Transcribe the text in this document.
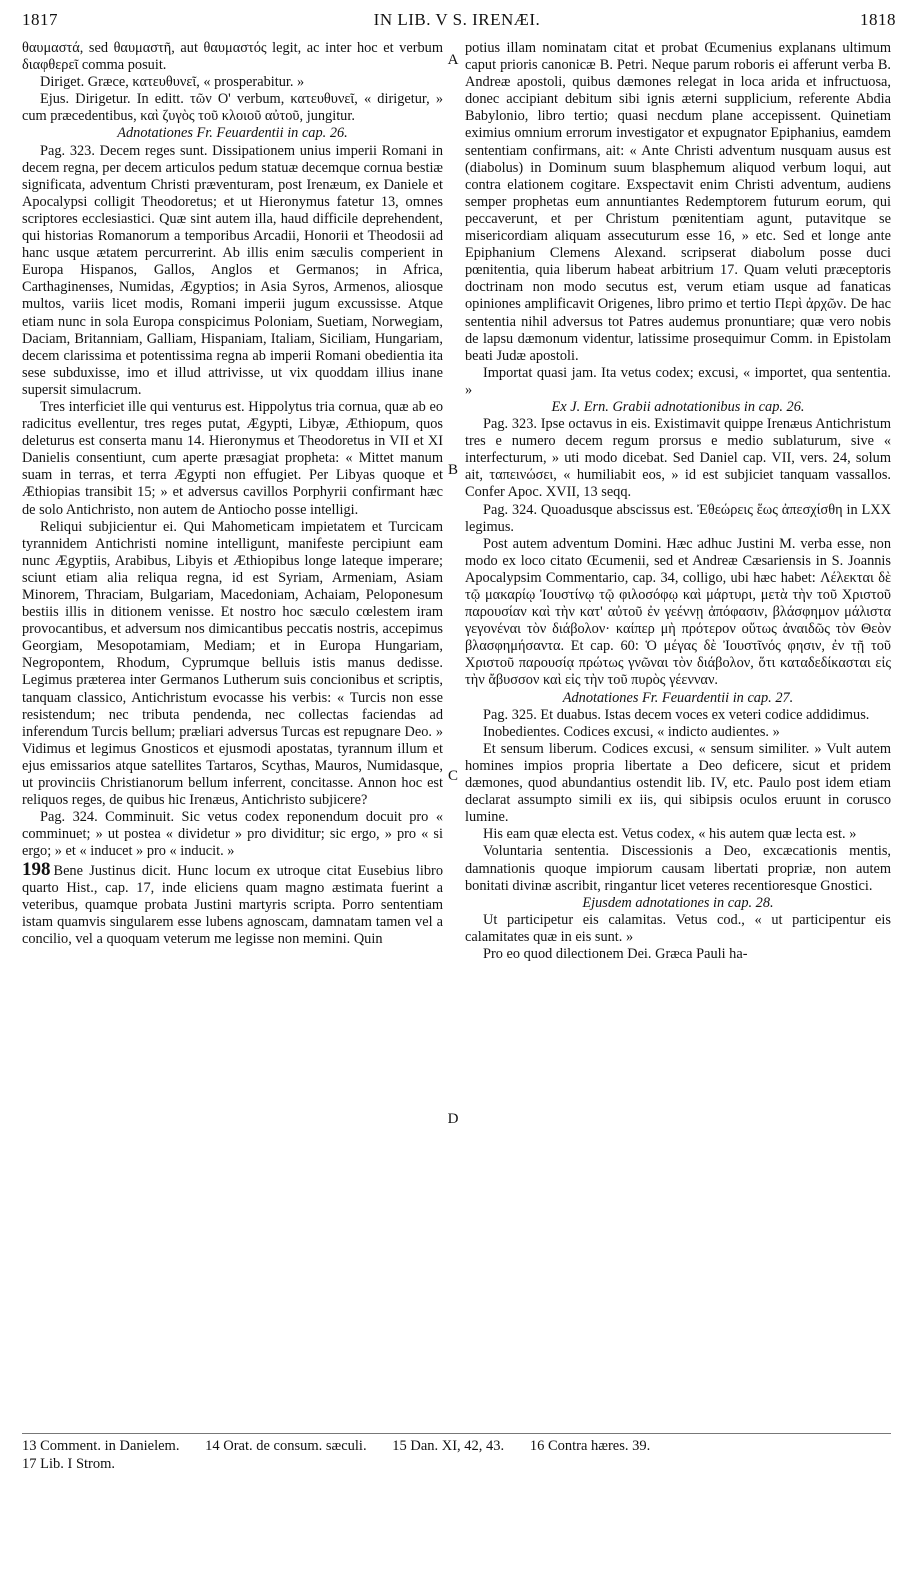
1817	IN LIB. V S. IRENÆI.	1818
A
B
C
D

θαυμαστά, sed θαυμαστῆ, aut θαυμαστός legit, ac inter hoc et verbum διαφθερεῖ comma posuit.

Diriget. Græce, κατευθυνεῖ, « prosperabitur. »

Ejus. Dirigetur. In editt. τῶν Ο' verbum, κατευθυνεῖ, « dirigetur, » cum præcedentibus, καὶ ζυγὸς τοῦ κλοιοῦ αὐτοῦ, jungitur.

Adnotationes Fr. Feuardentii in cap. 26.

Pag. 323. Decem reges sunt. Dissipationem unius imperii Romani in decem regna, per decem articulos pedum statuæ decemque cornua bestiæ significata, adventum Christi præventuram, post Irenæum, ex Daniele et Apocalypsi colligit Theodoretus; et ut Hieronymus fatetur 13, omnes scriptores ecclesiastici. Quæ sint autem illa, haud difficile deprehendent, qui historias Romanorum a temporibus Arcadii, Honorii et Theodosii ad hanc usque ætatem percurrerint. Ab illis enim sæculis comperient in Europa Hispanos, Gallos, Anglos et Germanos; in Africa, Carthaginenses, Numidas, Ægyptios; in Asia Syros, Armenos, aliosque multos, variis licet modis, Romani imperii jugum excussisse. Atque etiam nunc in sola Europa conspicimus Poloniam, Suetiam, Norwegiam, Daciam, Britanniam, Galliam, Hispaniam, Italiam, Siciliam, Hungariam, decem clarissima et potentissima regna ab imperii Romani obedientia ita sese subduxisse, imo et illud attrivisse, ut vix quoddam illius inane supersit simulacrum.

Tres interficiet ille qui venturus est. Hippolytus tria cornua, quæ ab eo radicitus evellentur, tres reges putat, Ægypti, Libyæ, Æthiopum, quos deleturus est conserta manu 14. Hieronymus et Theodoretus in VII et XI Danielis consentiunt, cum aperte præsagiat propheta: « Mittet manum suam in terras, et terra Ægypti non effugiet. Per Libyas quoque et Æthiopias transibit 15; » et adversus cavillos Porphyrii confirmant hæc de solo Antichristo, non autem de Antiocho posse intelligi.

Reliqui subjicientur ei. Qui Mahometicam impietatem et Turcicam tyrannidem Antichristi nomine intelligunt, manifeste percipiunt eam nunc Ægyptiis, Arabibus, Libyis et Æthiopibus longe lateque imperare; sciunt etiam alia reliqua regna, id est Syriam, Armeniam, Asiam Minorem, Thraciam, Bulgariam, Macedoniam, Achaiam, Peloponesum bestiis illis in ditionem venisse. Et nostro hoc sæculo cœlestem iram provocantibus, et adversum nos dimicantibus peccatis nostris, accepimus Georgiam, Mesopotamiam, Mediam; et in Europa Hungariam, Negropontem, Rhodum, Cyprumque belluis istis manus dedisse. Legimus præterea inter Germanos Lutherum suis concionibus et scriptis, tanquam classico, Antichristum evocasse his verbis: « Turcis non esse resistendum; nec tributa pendenda, nec collectas faciendas ad inferendum Turcis bellum; præliari adversus Turcas est repugnare Deo. » Vidimus et legimus Gnosticos et ejusmodi apostatas, tyrannum illum et ejus emissarios atque satellites Tartaros, Scythas, Mauros, Numidasque, ut provinciis Christianorum bellum inferrent, concitasse. Annon hoc est reliquos reges, de quibus hic Irenæus, Antichristo subjicere?

Pag. 324. Comminuit. Sic vetus codex reponendum docuit pro « comminuet; » ut postea « dividetur » pro dividitur; sic ergo, » pro « si ergo; » et « inducet » pro « inducit. »

198 Bene Justinus dicit. Hunc locum ex utroque citat Eusebius libro quarto Hist., cap. 17, inde eliciens quam magno æstimata fuerint a veteribus, quamque probata Justini martyris scripta. Porro sententiam istam quamvis singularem esse lubens agnoscam, damnatam tamen vel a concilio, vel a quoquam veterum me legisse non memini. Quin

potius illam nominatam citat et probat Œcumenius explanans ultimum caput prioris canonicæ B. Petri. Neque parum roboris ei afferunt verba B. Andreæ apostoli, quibus dæmones relegat in loca arida et infructuosa, donec accipiant debitum sibi ignis æterni supplicium, referente Abdia Babylonio, libro tertio; quasi necdum plane accepissent. Quinetiam eximius omnium errorum investigator et expugnator Epiphanius, eamdem sententiam confirmans, ait: « Ante Christi adventum nusquam ausus est (diabolus) in Dominum suum blasphemum aliquod verbum loqui, aut contra elationem cogitare. Exspectavit enim Christi adventum, audiens semper prophetas eum annuntiantes Redemptorem futurum eorum, qui peccaverunt, et per Christum pœnitentiam agunt, putavitque se misericordiam aliquam assecuturum esse 16, » etc. Sed et longe ante Epiphanium Clemens Alexand. scripserat diabolum posse duci pœnitentia, quia liberum habeat arbitrium 17. Quam veluti præceptoris doctrinam non modo secutus est, verum etiam usque ad fanaticas opiniones amplificavit Origenes, libro primo et tertio Περὶ ἀρχῶν. De hac sententia nihil adversus tot Patres audemus pronuntiare; quæ vero nobis de lapsu dæmonum videntur, latissime prosequimur Comm. in Epistolam beati Judæ apostoli.

Importat quasi jam. Ita vetus codex; excusi, « importet, qua sententia. »

Ex J. Ern. Grabii adnotationibus in cap. 26.

Pag. 323. Ipse octavus in eis. Existimavit quippe Irenæus Antichristum tres e numero decem regum prorsus e medio sublaturum, sive « interfecturum, » uti modo dicebat. Sed Daniel cap. VII, vers. 24, solum ait, ταπεινώσει, « humiliabit eos, » id est subjiciet tanquam vassallos. Confer Apoc. XVII, 13 seqq.

Pag. 324. Quoadusque abscissus est. Ἐθεώρεις ἕως ἀπεσχίσθη in LXX legimus.

Post autem adventum Domini. Hæc adhuc Justini M. verba esse, non modo ex loco citato Œcumenii, sed et Andreæ Cæsariensis in S. Joannis Apocalypsim Commentario, cap. 34, colligo, ubi hæc habet: Λέλεκται δὲ τῷ μακαρίῳ Ἰουστίνῳ τῷ φιλοσόφῳ καὶ μάρτυρι, μετὰ τὴν τοῦ Χριστοῦ παρουσίαν καὶ τὴν κατ' αὐτοῦ ἐν γεέννῃ ἀπόφασιν, βλάσφημον μάλιστα γεγονέναι τὸν διάβολον· καίπερ μὴ πρότερον οὕτως ἀναιδῶς τὸν Θεὸν βλασφημήσαντα. Et cap. 60: Ὁ μέγας δὲ Ἰουστῖνός φησιν, ἐν τῇ τοῦ Χριστοῦ παρουσίᾳ πρώτως γνῶναι τὸν διάβολον, ὅτι καταδεδίκασται εἰς τὴν ἄβυσσον καὶ εἰς τὴν τοῦ πυρὸς γέενναν.

Adnotationes Fr. Feuardentii in cap. 27.

Pag. 325. Et duabus. Istas decem voces ex veteri codice addidimus.

Inobedientes. Codices excusi, « indicto audientes. »

Et sensum liberum. Codices excusi, « sensum similiter. » Vult autem homines impios propria libertate a Deo deficere, sicut et pridem dæmones, quod abundantius ostendit lib. IV, etc. Paulo post idem etiam declarat assumpto simili ex iis, qui sibipsis oculos eruunt in corusco lumine.

His eam quæ electa est. Vetus codex, « his autem quæ lecta est. »

Voluntaria sententia. Discessionis a Deo, excæcationis mentis, damnationis quoque impiorum causam libertati propriæ, non autem bonitati divinæ ascribit, ringantur licet veteres recentioresque Gnostici.

Ejusdem adnotationes in cap. 28.

Ut participetur eis calamitas. Vetus cod., « ut participentur eis calamitates quæ in eis sunt. »

Pro eo quod dilectionem Dei. Græca Pauli ha-

13 Comment. in Danielem. 14 Orat. de consum. sæculi. 15 Dan. XI, 42, 43. 16 Contra hæres. 39.
17 Lib. I Strom.
